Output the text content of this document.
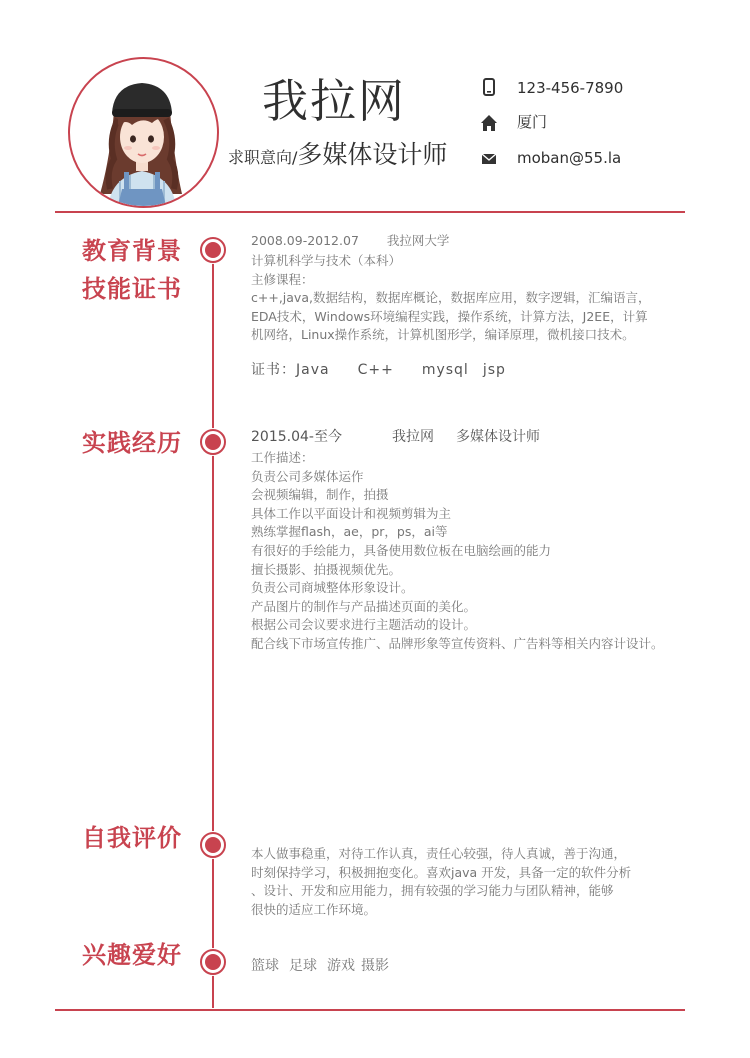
我拉网
求职意向/多媒体设计师
123-456-7890
厦门
moban@55.la
教育背景
技能证书
2008.09-2012.07 我拉网大学
计算机科学与技术（本科）
主修课程：
c++,java,数据结构，数据库概论，数据库应用，数字逻辑，汇编语言，
EDA技术，Windows环境编程实践，操作系统，计算方法，J2EE，计算
机网络，Linux操作系统，计算机图形学，编译原理，微机接口技术。
证书：Java C++ mysql jsp
实践经历	2015.04-至今	我拉网 多媒体设计师
工作描述：
负责公司多媒体运作
会视频编辑，制作，拍摄
具体工作以平面设计和视频剪辑为主
熟练掌握flash，ae，pr，ps，ai等
有很好的手绘能力，具备使用数位板在电脑绘画的能力
擅长摄影、拍摄视频优先。
负责公司商城整体形象设计。
产品图片的制作与产品描述页面的美化。
根据公司会议要求进行主题活动的设计。
配合线下市场宣传推广、品牌形象等宣传资料、广告料等相关内容计设计。
自我评价
本人做事稳重，对待工作认真，责任心较强，待人真诚，善于沟通，
时刻保持学习，积极拥抱变化。喜欢java 开发，具备一定的软件分析
、设计、开发和应用能力，拥有较强的学习能力与团队精神，能够
很快的适应工作环境。
兴趣爱好	篮球 足球 游戏 摄影
